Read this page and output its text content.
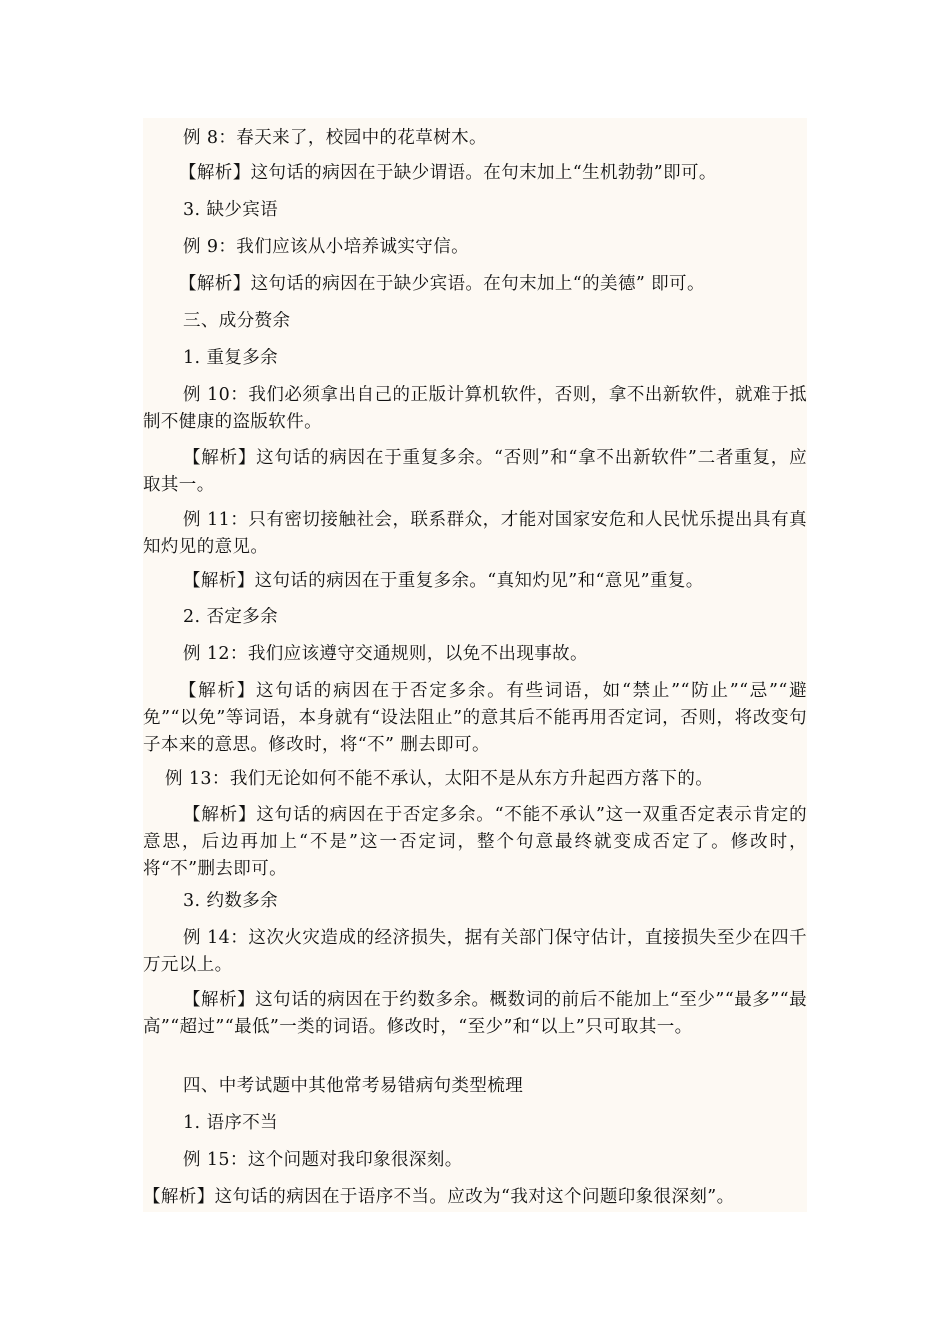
例 8：春天来了，校园中的花草树木。
【解析】这句话的病因在于缺少谓语。在句末加上“生机勃勃”即可。
3. 缺少宾语
例 9：我们应该从小培养诚实守信。
【解析】这句话的病因在于缺少宾语。在句末加上“的美德” 即可。
三、成分赘余
1. 重复多余
例 10：我们必须拿出自己的正版计算机软件，否则，拿不出新软件，就难于抵制不健康的盗版软件。
【解析】这句话的病因在于重复多余。“否则”和“拿不出新软件”二者重复，应取其一。
例 11：只有密切接触社会，联系群众，才能对国家安危和人民忧乐提出具有真知灼见的意见。
【解析】这句话的病因在于重复多余。“真知灼见”和“意见”重复。
2. 否定多余
例 12：我们应该遵守交通规则，以免不出现事故。
【解析】这句话的病因在于否定多余。有些词语，如“禁止”“防止”“忌”“避免”“以免”等词语，本身就有“设法阻止”的意其后不能再用否定词，否则，将改变句子本来的意思。修改时，将“不” 删去即可。
例 13：我们无论如何不能不承认，太阳不是从东方升起西方落下的。
【解析】这句话的病因在于否定多余。“不能不承认”这一双重否定表示肯定的意思，后边再加上“不是”这一否定词，整个句意最终就变成否定了。修改时，将“不”删去即可。
3. 约数多余
例 14：这次火灾造成的经济损失，据有关部门保守估计，直接损失至少在四千万元以上。
【解析】这句话的病因在于约数多余。概数词的前后不能加上“至少”“最多”“最高”“超过”“最低”一类的词语。修改时，“至少”和“以上”只可取其一。
四、中考试题中其他常考易错病句类型梳理
1. 语序不当
例 15：这个问题对我印象很深刻。
【解析】这句话的病因在于语序不当。应改为“我对这个问题印象很深刻”。
